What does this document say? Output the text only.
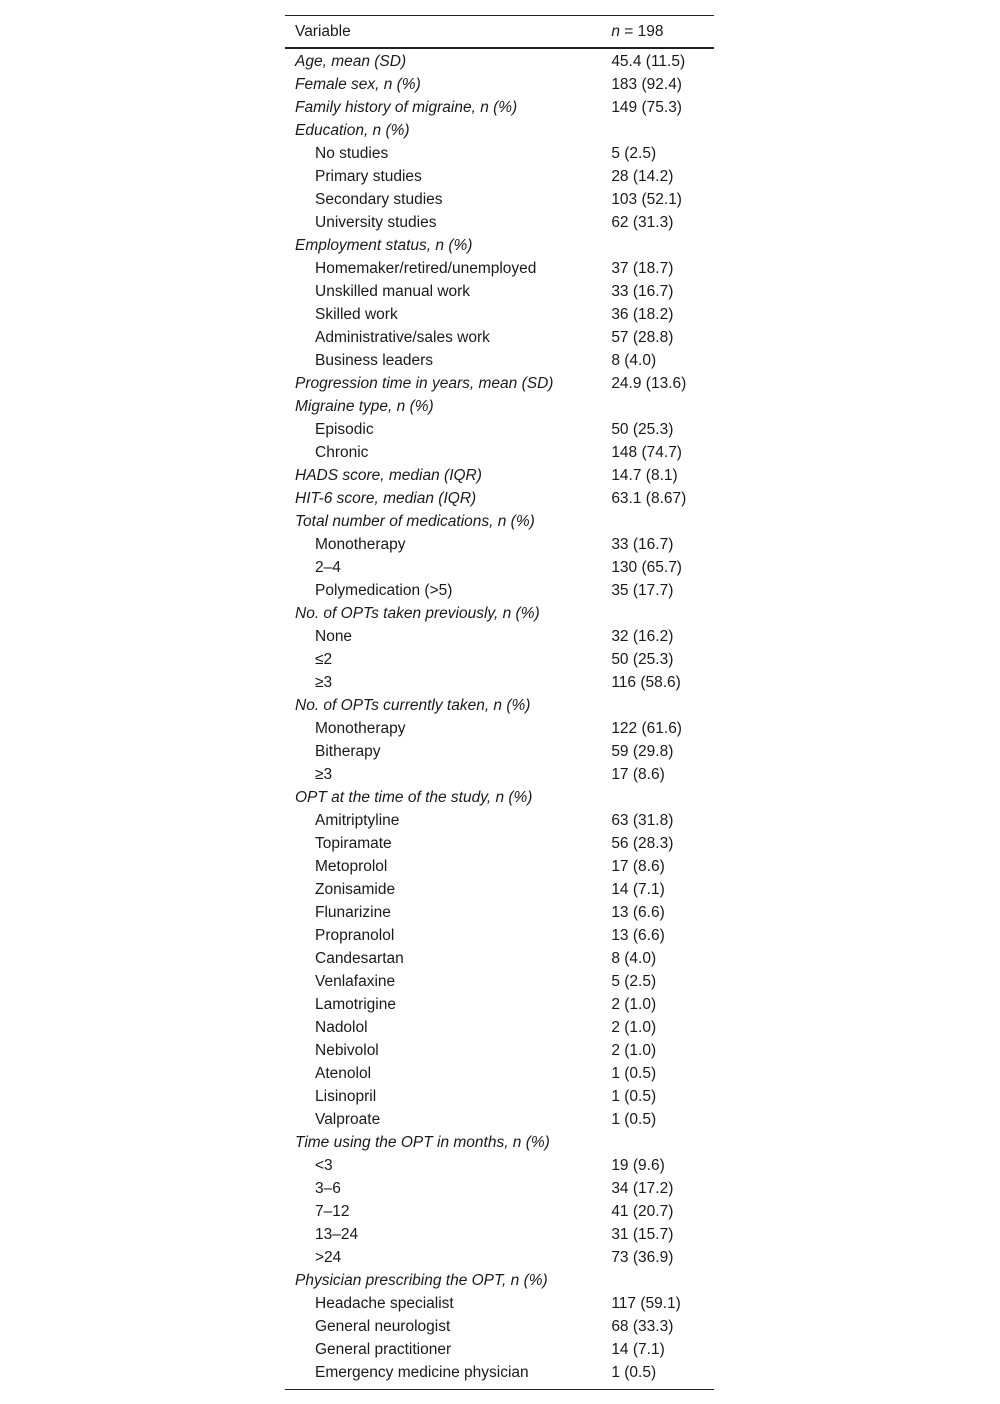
Variable	n = 198
Age, mean (SD)	45.4 (11.5)
Female sex, n (%)	183 (92.4)
Family history of migraine, n (%)	149 (75.3)
Education, n (%)	
No studies	5 (2.5)
Primary studies	28 (14.2)
Secondary studies	103 (52.1)
University studies	62 (31.3)
Employment status, n (%)	
Homemaker/retired/unemployed	37 (18.7)
Unskilled manual work	33 (16.7)
Skilled work	36 (18.2)
Administrative/sales work	57 (28.8)
Business leaders	8 (4.0)
Progression time in years, mean (SD)	24.9 (13.6)
Migraine type, n (%)	
Episodic	50 (25.3)
Chronic	148 (74.7)
HADS score, median (IQR)	14.7 (8.1)
HIT-6 score, median (IQR)	63.1 (8.67)
Total number of medications, n (%)	
Monotherapy	33 (16.7)
2–4	130 (65.7)
Polymedication (>5)	35 (17.7)
No. of OPTs taken previously, n (%)	
None	32 (16.2)
≤2	50 (25.3)
≥3	116 (58.6)
No. of OPTs currently taken, n (%)	
Monotherapy	122 (61.6)
Bitherapy	59 (29.8)
≥3	17 (8.6)
OPT at the time of the study, n (%)	
Amitriptyline	63 (31.8)
Topiramate	56 (28.3)
Metoprolol	17 (8.6)
Zonisamide	14 (7.1)
Flunarizine	13 (6.6)
Propranolol	13 (6.6)
Candesartan	8 (4.0)
Venlafaxine	5 (2.5)
Lamotrigine	2 (1.0)
Nadolol	2 (1.0)
Nebivolol	2 (1.0)
Atenolol	1 (0.5)
Lisinopril	1 (0.5)
Valproate	1 (0.5)
Time using the OPT in months, n (%)	
<3	19 (9.6)
3–6	34 (17.2)
7–12	41 (20.7)
13–24	31 (15.7)
>24	73 (36.9)
Physician prescribing the OPT, n (%)	
Headache specialist	117 (59.1)
General neurologist	68 (33.3)
General practitioner	14 (7.1)
Emergency medicine physician	1 (0.5)
